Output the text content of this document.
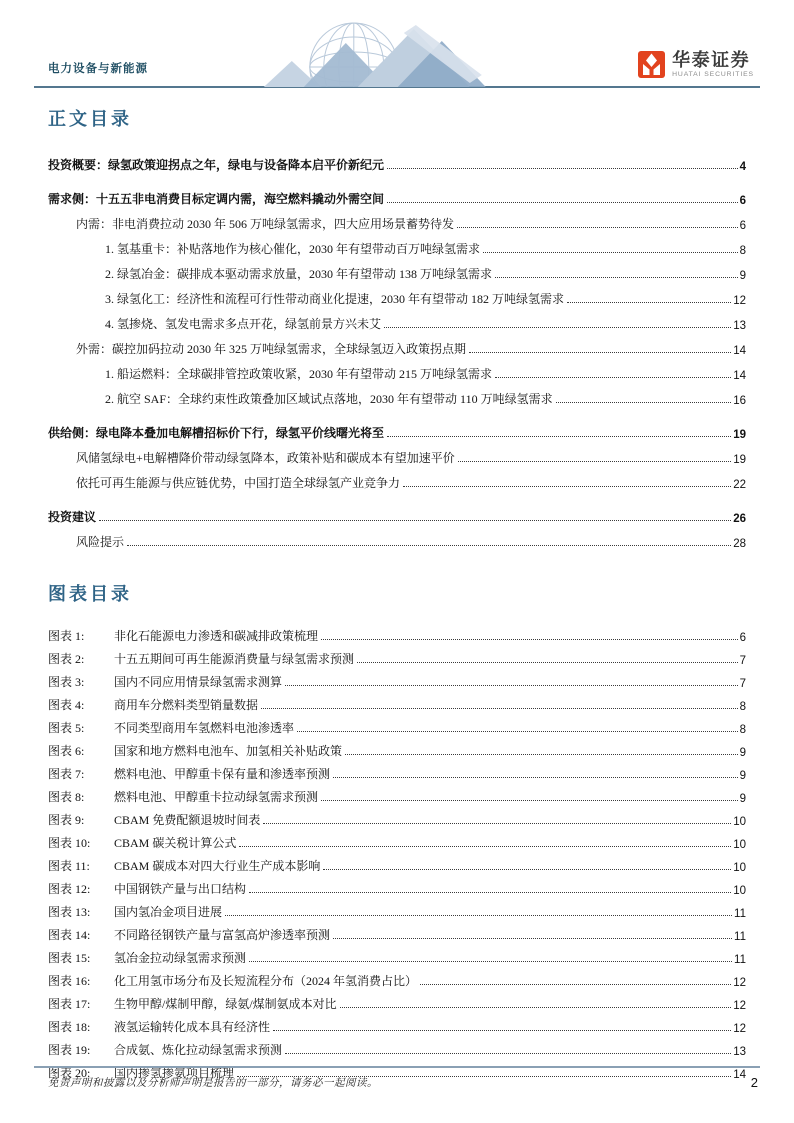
电力设备与新能源	华泰证券
HUATAI SECURITIES
正文目录
投资概要：绿氢政策迎拐点之年，绿电与设备降本启平价新纪元	4
需求侧：十五五非电消费目标定调内需，海空燃料撬动外需空间	6
内需：非电消费拉动 2030 年 506 万吨绿氢需求，四大应用场景蓄势待发	6
1. 氢基重卡：补贴落地作为核心催化，2030 年有望带动百万吨绿氢需求	8
2. 绿氢冶金：碳排成本驱动需求放量，2030 年有望带动 138 万吨绿氢需求	9
3. 绿氢化工：经济性和流程可行性带动商业化提速，2030 年有望带动 182 万吨绿氢需求	12
4. 氢掺烧、氢发电需求多点开花，绿氢前景方兴未艾	13
外需：碳控加码拉动 2030 年 325 万吨绿氢需求，全球绿氢迈入政策拐点期	14
1. 船运燃料：全球碳排管控政策收紧，2030 年有望带动 215 万吨绿氢需求	14
2. 航空 SAF：全球约束性政策叠加区域试点落地，2030 年有望带动 110 万吨绿氢需求	16
供给侧：绿电降本叠加电解槽招标价下行，绿氢平价线曙光将至	19
风储氢绿电+电解槽降价带动绿氢降本，政策补贴和碳成本有望加速平价	19
依托可再生能源与供应链优势，中国打造全球绿氢产业竞争力	22
投资建议	26
风险提示	28
图表目录
图表 1:	非化石能源电力渗透和碳减排政策梳理	6
图表 2:	十五五期间可再生能源消费量与绿氢需求预测	7
图表 3:	国内不同应用情景绿氢需求测算	7
图表 4:	商用车分燃料类型销量数据	8
图表 5:	不同类型商用车氢燃料电池渗透率	8
图表 6:	国家和地方燃料电池车、加氢相关补贴政策	9
图表 7:	燃料电池、甲醇重卡保有量和渗透率预测	9
图表 8:	燃料电池、甲醇重卡拉动绿氢需求预测	9
图表 9:	CBAM 免费配额退坡时间表	10
图表 10:	CBAM 碳关税计算公式	10
图表 11:	CBAM 碳成本对四大行业生产成本影响	10
图表 12:	中国钢铁产量与出口结构	10
图表 13:	国内氢冶金项目进展	11
图表 14:	不同路径钢铁产量与富氢高炉渗透率预测	11
图表 15:	氢冶金拉动绿氢需求预测	11
图表 16:	化工用氢市场分布及长短流程分布（2024 年氢消费占比）	12
图表 17:	生物甲醇/煤制甲醇，绿氨/煤制氨成本对比	12
图表 18:	液氢运输转化成本具有经济性	12
图表 19:	合成氨、炼化拉动绿氢需求预测	13
图表 20:	国内掺氢掺氨项目梳理	14
免责声明和披露以及分析师声明是报告的一部分，请务必一起阅读。	2
